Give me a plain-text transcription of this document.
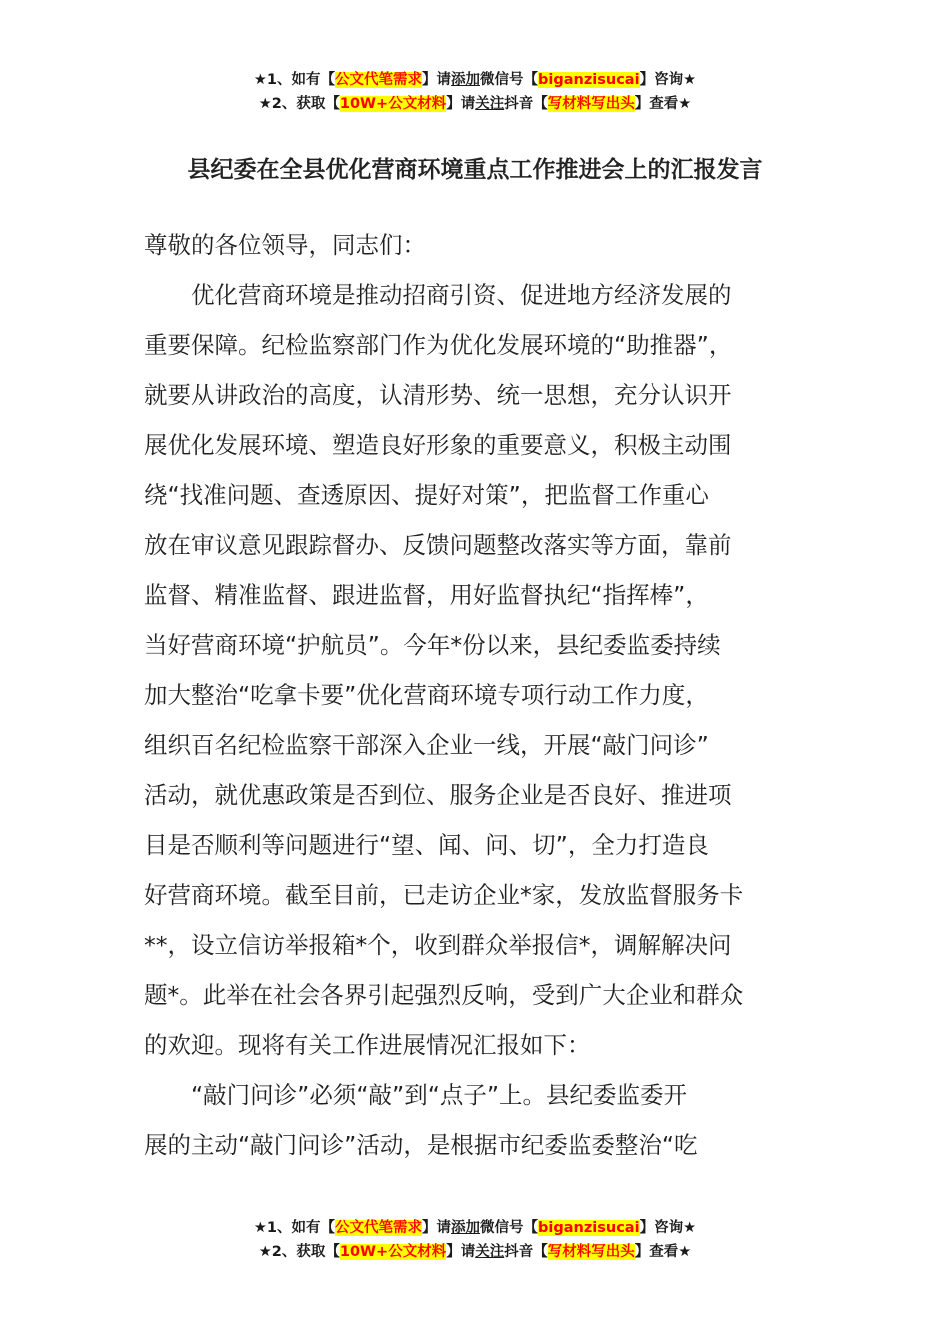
★1、如有【公文代笔需求】请添加微信号【biganzisucai】咨询★
★2、获取【10W+公文材料】请关注抖音【写材料写出头】查看★
县纪委在全县优化营商环境重点工作推进会上的汇报发言
尊敬的各位领导，同志们：
　　优化营商环境是推动招商引资、促进地方经济发展的
重要保障。纪检监察部门作为优化发展环境的“助推器”，
就要从讲政治的高度，认清形势、统一思想，充分认识开
展优化发展环境、塑造良好形象的重要意义，积极主动围
绕“找准问题、查透原因、提好对策”，把监督工作重心
放在审议意见跟踪督办、反馈问题整改落实等方面，靠前
监督、精准监督、跟进监督，用好监督执纪“指挥棒”，
当好营商环境“护航员”。今年*份以来，县纪委监委持续
加大整治“吃拿卡要”优化营商环境专项行动工作力度，
组织百名纪检监察干部深入企业一线，开展“敲门问诊”
活动，就优惠政策是否到位、服务企业是否良好、推进项
目是否顺利等问题进行“望、闻、问、切”，全力打造良
好营商环境。截至目前，已走访企业*家，发放监督服务卡
**，设立信访举报箱*个，收到群众举报信*，调解解决问
题*。此举在社会各界引起强烈反响，受到广大企业和群众
的欢迎。现将有关工作进展情况汇报如下：
　　“敲门问诊”必须“敲”到“点子”上。县纪委监委开
展的主动“敲门问诊”活动，是根据市纪委监委整治“吃
★1、如有【公文代笔需求】请添加微信号【biganzisucai】咨询★
★2、获取【10W+公文材料】请关注抖音【写材料写出头】查看★
